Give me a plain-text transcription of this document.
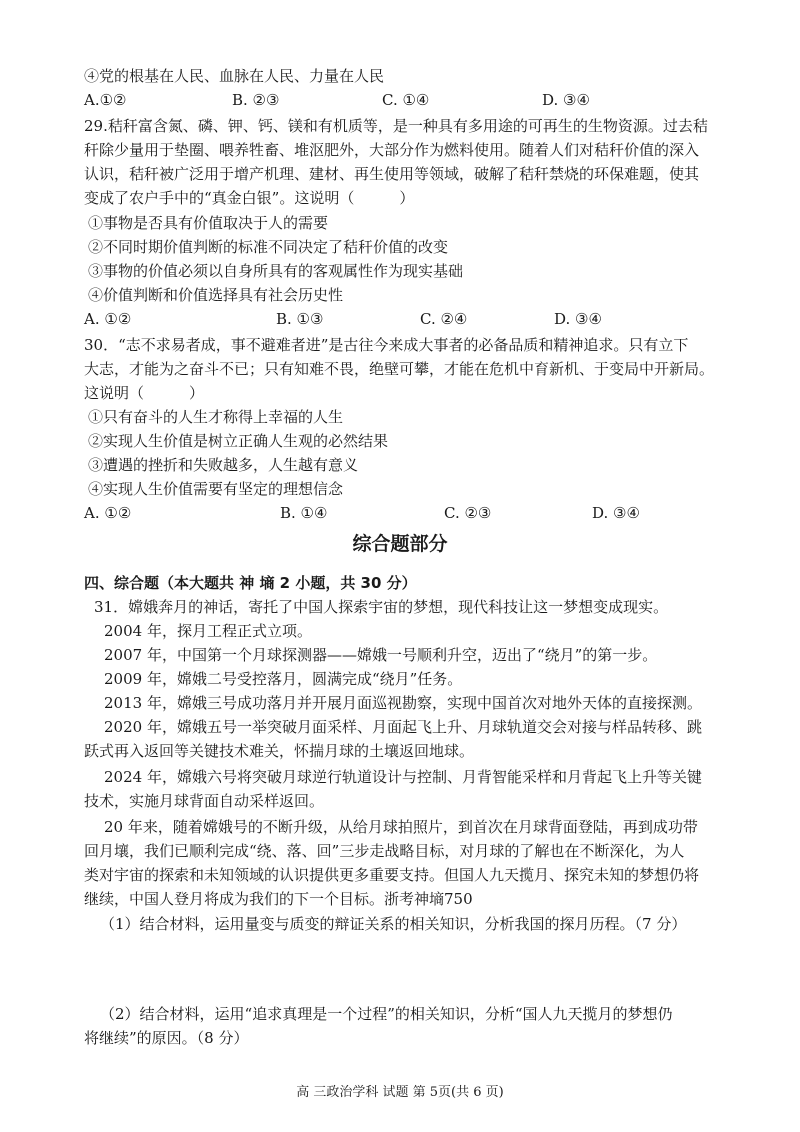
④党的根基在人民、血脉在人民、力量在人民
A.①②	B. ②③	C. ①④	D. ③④
29.秸秆富含氮、磷、钾、钙、镁和有机质等，是一种具有多用途的可再生的生物资源。过去秸
秆除少量用于垫圈、喂养牲畜、堆沤肥外，大部分作为燃料使用。随着人们对秸秆价值的深入
认识，秸秆被广泛用于增产机理、建材、再生使用等领域，破解了秸秆禁烧的环保难题，使其
变成了农户手中的“真金白银”。这说明（　　　）
①事物是否具有价值取决于人的需要
②不同时期价值判断的标准不同决定了秸秆价值的改变
③事物的价值必须以自身所具有的客观属性作为现实基础
④价值判断和价值选择具有社会历史性
A. ①②	B. ①③	C. ②④	D. ③④
30．“志不求易者成，事不避难者进”是古往今来成大事者的必备品质和精神追求。只有立下
大志，才能为之奋斗不已；只有知难不畏，绝壁可攀，才能在危机中育新机、于变局中开新局。
这说明（　　　）
①只有奋斗的人生才称得上幸福的人生
②实现人生价值是树立正确人生观的必然结果
③遭遇的挫折和失败越多，人生越有意义
④实现人生价值需要有坚定的理想信念
A. ①②	B. ①④	C. ②③	D. ③④
综合题部分
四、综合题（本大题共 神 墒 2 小题，共 30 分）
31．嫦娥奔月的神话，寄托了中国人探索宇宙的梦想，现代科技让这一梦想变成现实。
2004 年，探月工程正式立项。
2007 年，中国第一个月球探测器——嫦娥一号顺利升空，迈出了“绕月”的第一步。
2009 年，嫦娥二号受控落月，圆满完成“绕月”任务。
2013 年，嫦娥三号成功落月并开展月面巡视勘察，实现中国首次对地外天体的直接探测。
2020 年，嫦娥五号一举突破月面采样、月面起飞上升、月球轨道交会对接与样品转移、跳
跃式再入返回等关键技术难关，怀揣月球的土壤返回地球。
2024 年，嫦娥六号将突破月球逆行轨道设计与控制、月背智能采样和月背起飞上升等关键
技术，实施月球背面自动采样返回。
20 年来，随着嫦娥号的不断升级，从给月球拍照片，到首次在月球背面登陆，再到成功带
回月壤，我们已顺利完成“绕、落、回”三步走战略目标，对月球的了解也在不断深化，为人
类对宇宙的探索和未知领域的认识提供更多重要支持。但国人九天揽月、探究未知的梦想仍将
继续，中国人登月将成为我们的下一个目标。浙考神墒750
（1）结合材料，运用量变与质变的辩证关系的相关知识，分析我国的探月历程。（7 分）
（2）结合材料，运用“追求真理是一个过程”的相关知识，分析“国人九天揽月的梦想仍
将继续”的原因。（8 分）
高 三政治学科 试题 第 5页(共 6 页)
